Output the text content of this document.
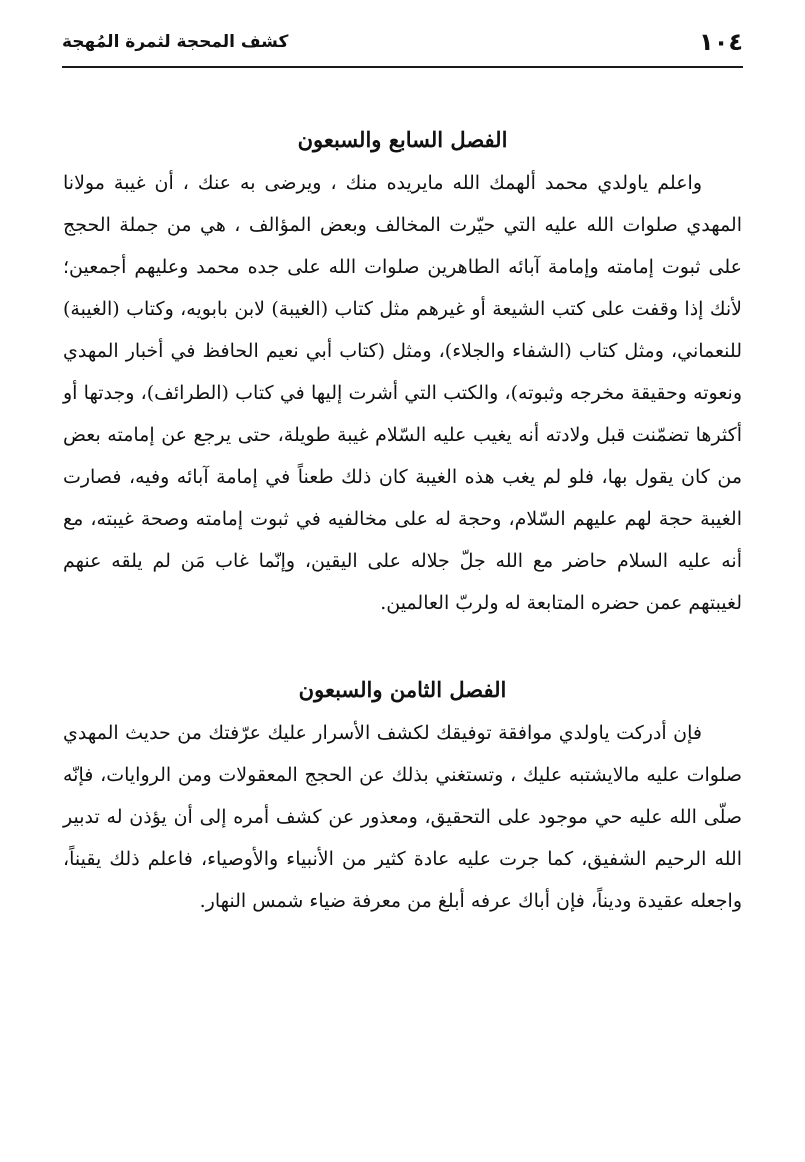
كشف المحجة لثمرة المُهجة	١٠٤
الفصل السابع والسبعون

واعلم ياولدي محمد ألهمك الله مايريده منك ، ويرضى به عنك ، أن غيبة مولانا المهدي صلوات الله عليه التي حيّرت المخالف وبعض المؤالف ، هي من جملة الحجج على ثبوت إمامته وإمامة آبائه الطاهرين صلوات الله على جده محمد وعليهم أجمعين؛ لأنك إذا وقفت على كتب الشيعة أو غيرهم مثل كتاب (الغيبة) لابن بابويه، وكتاب (الغيبة) للنعماني، ومثل كتاب (الشفاء والجلاء)، ومثل (كتاب أبي نعيم الحافظ في أخبار المهدي ونعوته وحقيقة مخرجه وثبوته)، والكتب التي أشرت إليها في كتاب (الطرائف)، وجدتها أو أكثرها تضمّنت قبل ولادته أنه يغيب عليه السّلام غيبة طويلة، حتى يرجع عن إمامته بعض من كان يقول بها، فلو لم يغب هذه الغيبة كان ذلك طعناً في إمامة آبائه وفيه، فصارت الغيبة حجة لهم عليهم السّلام، وحجة له على مخالفيه في ثبوت إمامته وصحة غيبته، مع أنه عليه السلام حاضر مع الله جلّ جلاله على اليقين، وإنّما غاب مَن لم يلقه عنهم لغيبتهم عمن حضره المتابعة له ولربّ العالمين.

الفصل الثامن والسبعون

فإن أدركت ياولدي موافقة توفيقك لكشف الأسرار عليك عرّفتك من حديث المهدي صلوات عليه مالايشتبه عليك ، وتستغني بذلك عن الحجج المعقولات ومن الروايات، فإنّه صلّى الله عليه حي موجود على التحقيق، ومعذور عن كشف أمره إلى أن يؤذن له تدبير الله الرحيم الشفيق، كما جرت عليه عادة كثير من الأنبياء والأوصياء، فاعلم ذلك يقيناً، واجعله عقيدة وديناً، فإن أباك عرفه أبلغ من معرفة ضياء شمس النهار.
